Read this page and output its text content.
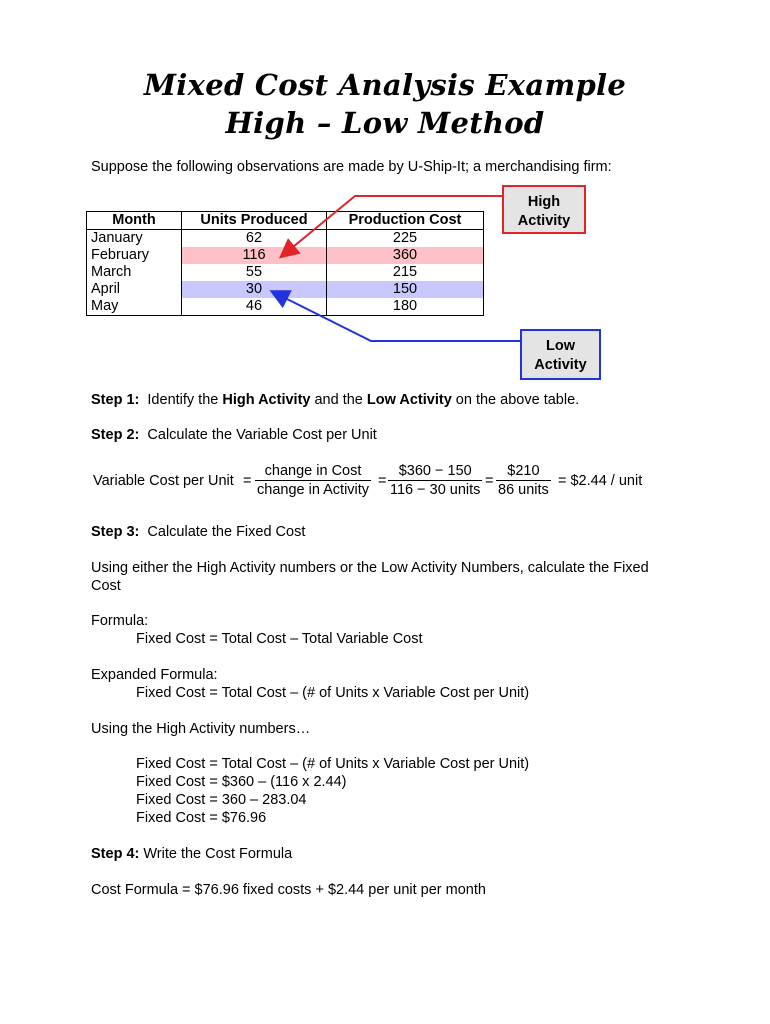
Mixed Cost Analysis Example
High – Low Method
Suppose the following observations are made by U-Ship-It; a merchandising firm:
Month	Units Produced	Production Cost
January	62	225
February	116	360
March	55	215
April	30	150
May	46	180
High
Activity
Low
Activity
Step 1: Identify the High Activity and the Low Activity on the above table.
Step 2: Calculate the Variable Cost per Unit
Variable Cost per Unit =
change in Cost
change in Activity
=
$360 − 150
116 − 30 units
=
$210
86 units
= $2.44 / unit
Step 3: Calculate the Fixed Cost
Using either the High Activity numbers or the Low Activity Numbers, calculate the Fixed
Cost
Formula:
Fixed Cost = Total Cost – Total Variable Cost
Expanded Formula:
Fixed Cost = Total Cost – (# of Units x Variable Cost per Unit)
Using the High Activity numbers…
Fixed Cost = Total Cost – (# of Units x Variable Cost per Unit)
Fixed Cost = $360 – (116 x 2.44)
Fixed Cost = 360 – 283.04
Fixed Cost = $76.96
Step 4: Write the Cost Formula
Cost Formula = $76.96 fixed costs + $2.44 per unit per month
